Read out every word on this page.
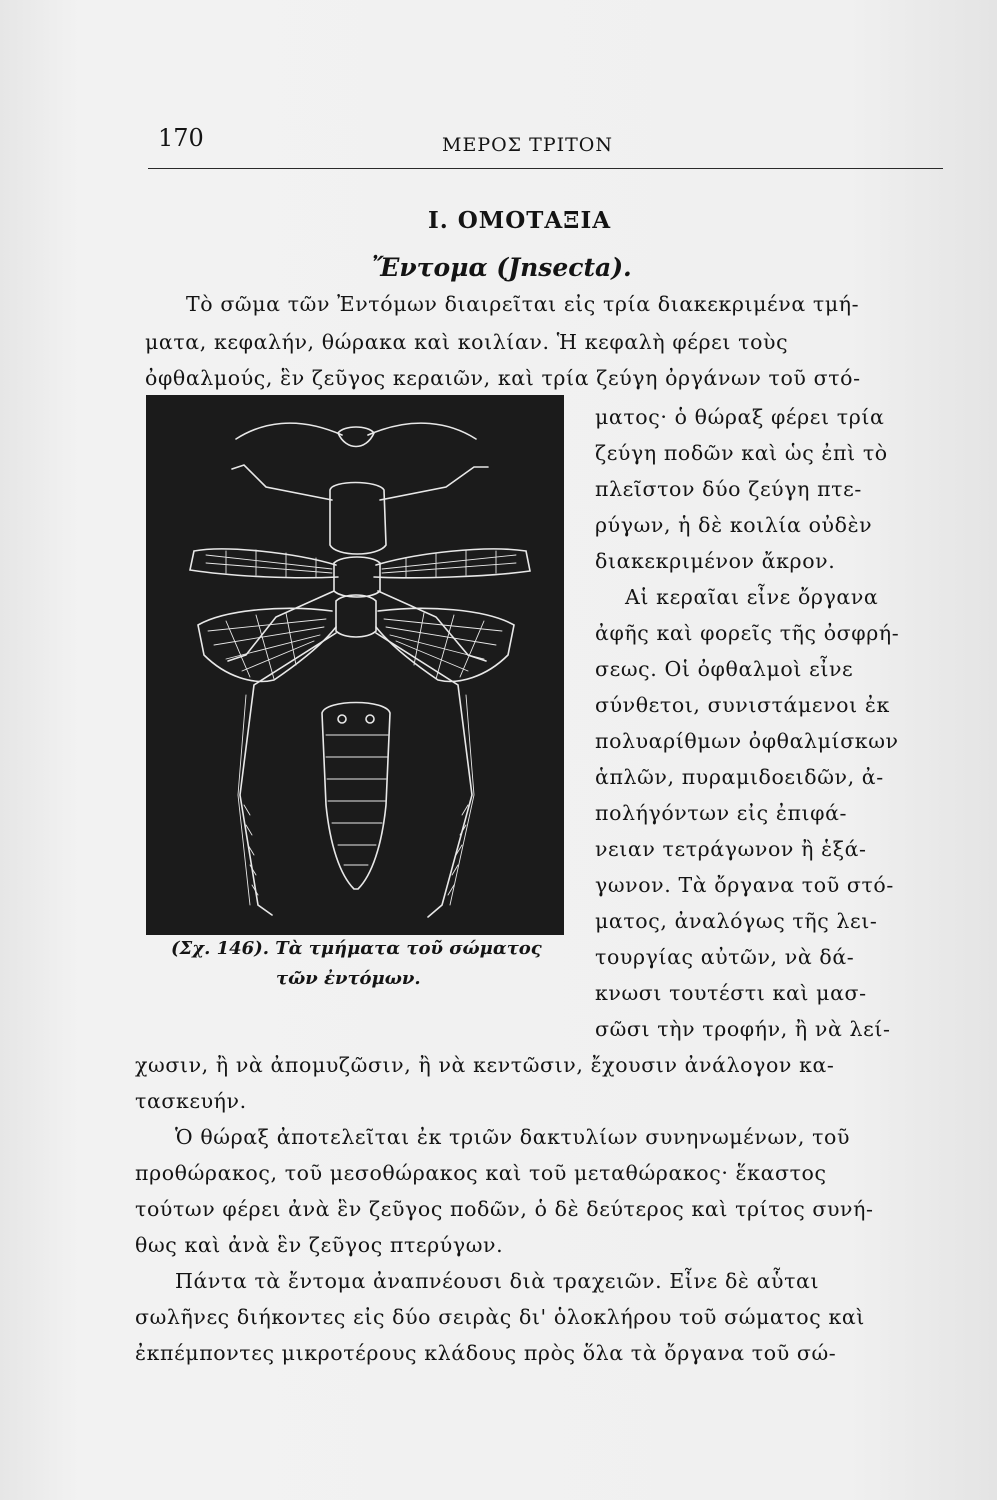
170	ΜΕΡΟΣ ΤΡΙΤΟΝ
I. ΟΜΟΤΑΞΙΑ
Ἔντομα (Jnsecta).
Τὸ σῶμα τῶν Ἐντόμων διαιρεῖται εἰς τρία διακεκριμένα τμή-
ματα, κεφαλήν, θώρακα καὶ κοιλίαν. Ἡ κεφαλὴ φέρει τοὺς
ὀφθαλμούς, ἓν ζεῦγος κεραιῶν, καὶ τρία ζεύγη ὀργάνων τοῦ στό-
ματος· ὁ θώραξ φέρει τρία
ζεύγη ποδῶν καὶ ὡς ἐπὶ τὸ
πλεῖστον δύο ζεύγη πτε-
ρύγων, ἡ δὲ κοιλία οὐδὲν
διακεκριμένον ἄκρον.
Αἱ κεραῖαι εἶνε ὄργανα
ἀφῆς καὶ φορεῖς τῆς ὀσφρή-
σεως. Οἱ ὀφθαλμοὶ εἶνε
σύνθετοι, συνιστάμενοι ἐκ
πολυαρίθμων ὀφθαλμίσκων
ἁπλῶν, πυραμιδοειδῶν, ἀ-
πολήγόντων εἰς ἐπιφά-
νειαν τετράγωνον ἢ ἑξά-
γωνον. Τὰ ὄργανα τοῦ στό-
ματος, ἀναλόγως τῆς λει-
τουργίας αὐτῶν, νὰ δά-
κνωσι τουτέστι καὶ μασ-
σῶσι τὴν τροφήν, ἢ νὰ λεί-
χωσιν, ἢ νὰ ἀπομυζῶσιν, ἢ νὰ κεντῶσιν, ἔχουσιν ἀνάλογον κα-
τασκευήν.
Ὁ θώραξ ἀποτελεῖται ἐκ τριῶν δακτυλίων συνηνωμένων, τοῦ
προθώρακος, τοῦ μεσοθώρακος καὶ τοῦ μεταθώρακος· ἕκαστος
τούτων φέρει ἀνὰ ἓν ζεῦγος ποδῶν, ὁ δὲ δεύτερος καὶ τρίτος συνή-
θως καὶ ἀνὰ ἓν ζεῦγος πτερύγων.
Πάντα τὰ ἔντομα ἀναπνέουσι διὰ τραχειῶν. Εἶνε δὲ αὗται
σωλῆνες διήκοντες εἰς δύο σειρὰς δι' ὁλοκλήρου τοῦ σώματος καὶ
ἐκπέμποντες μικροτέρους κλάδους πρὸς ὅλα τὰ ὄργανα τοῦ σώ-
(Σχ. 146). Τὰ τμήματα τοῦ σώματος
τῶν ἐντόμων.
